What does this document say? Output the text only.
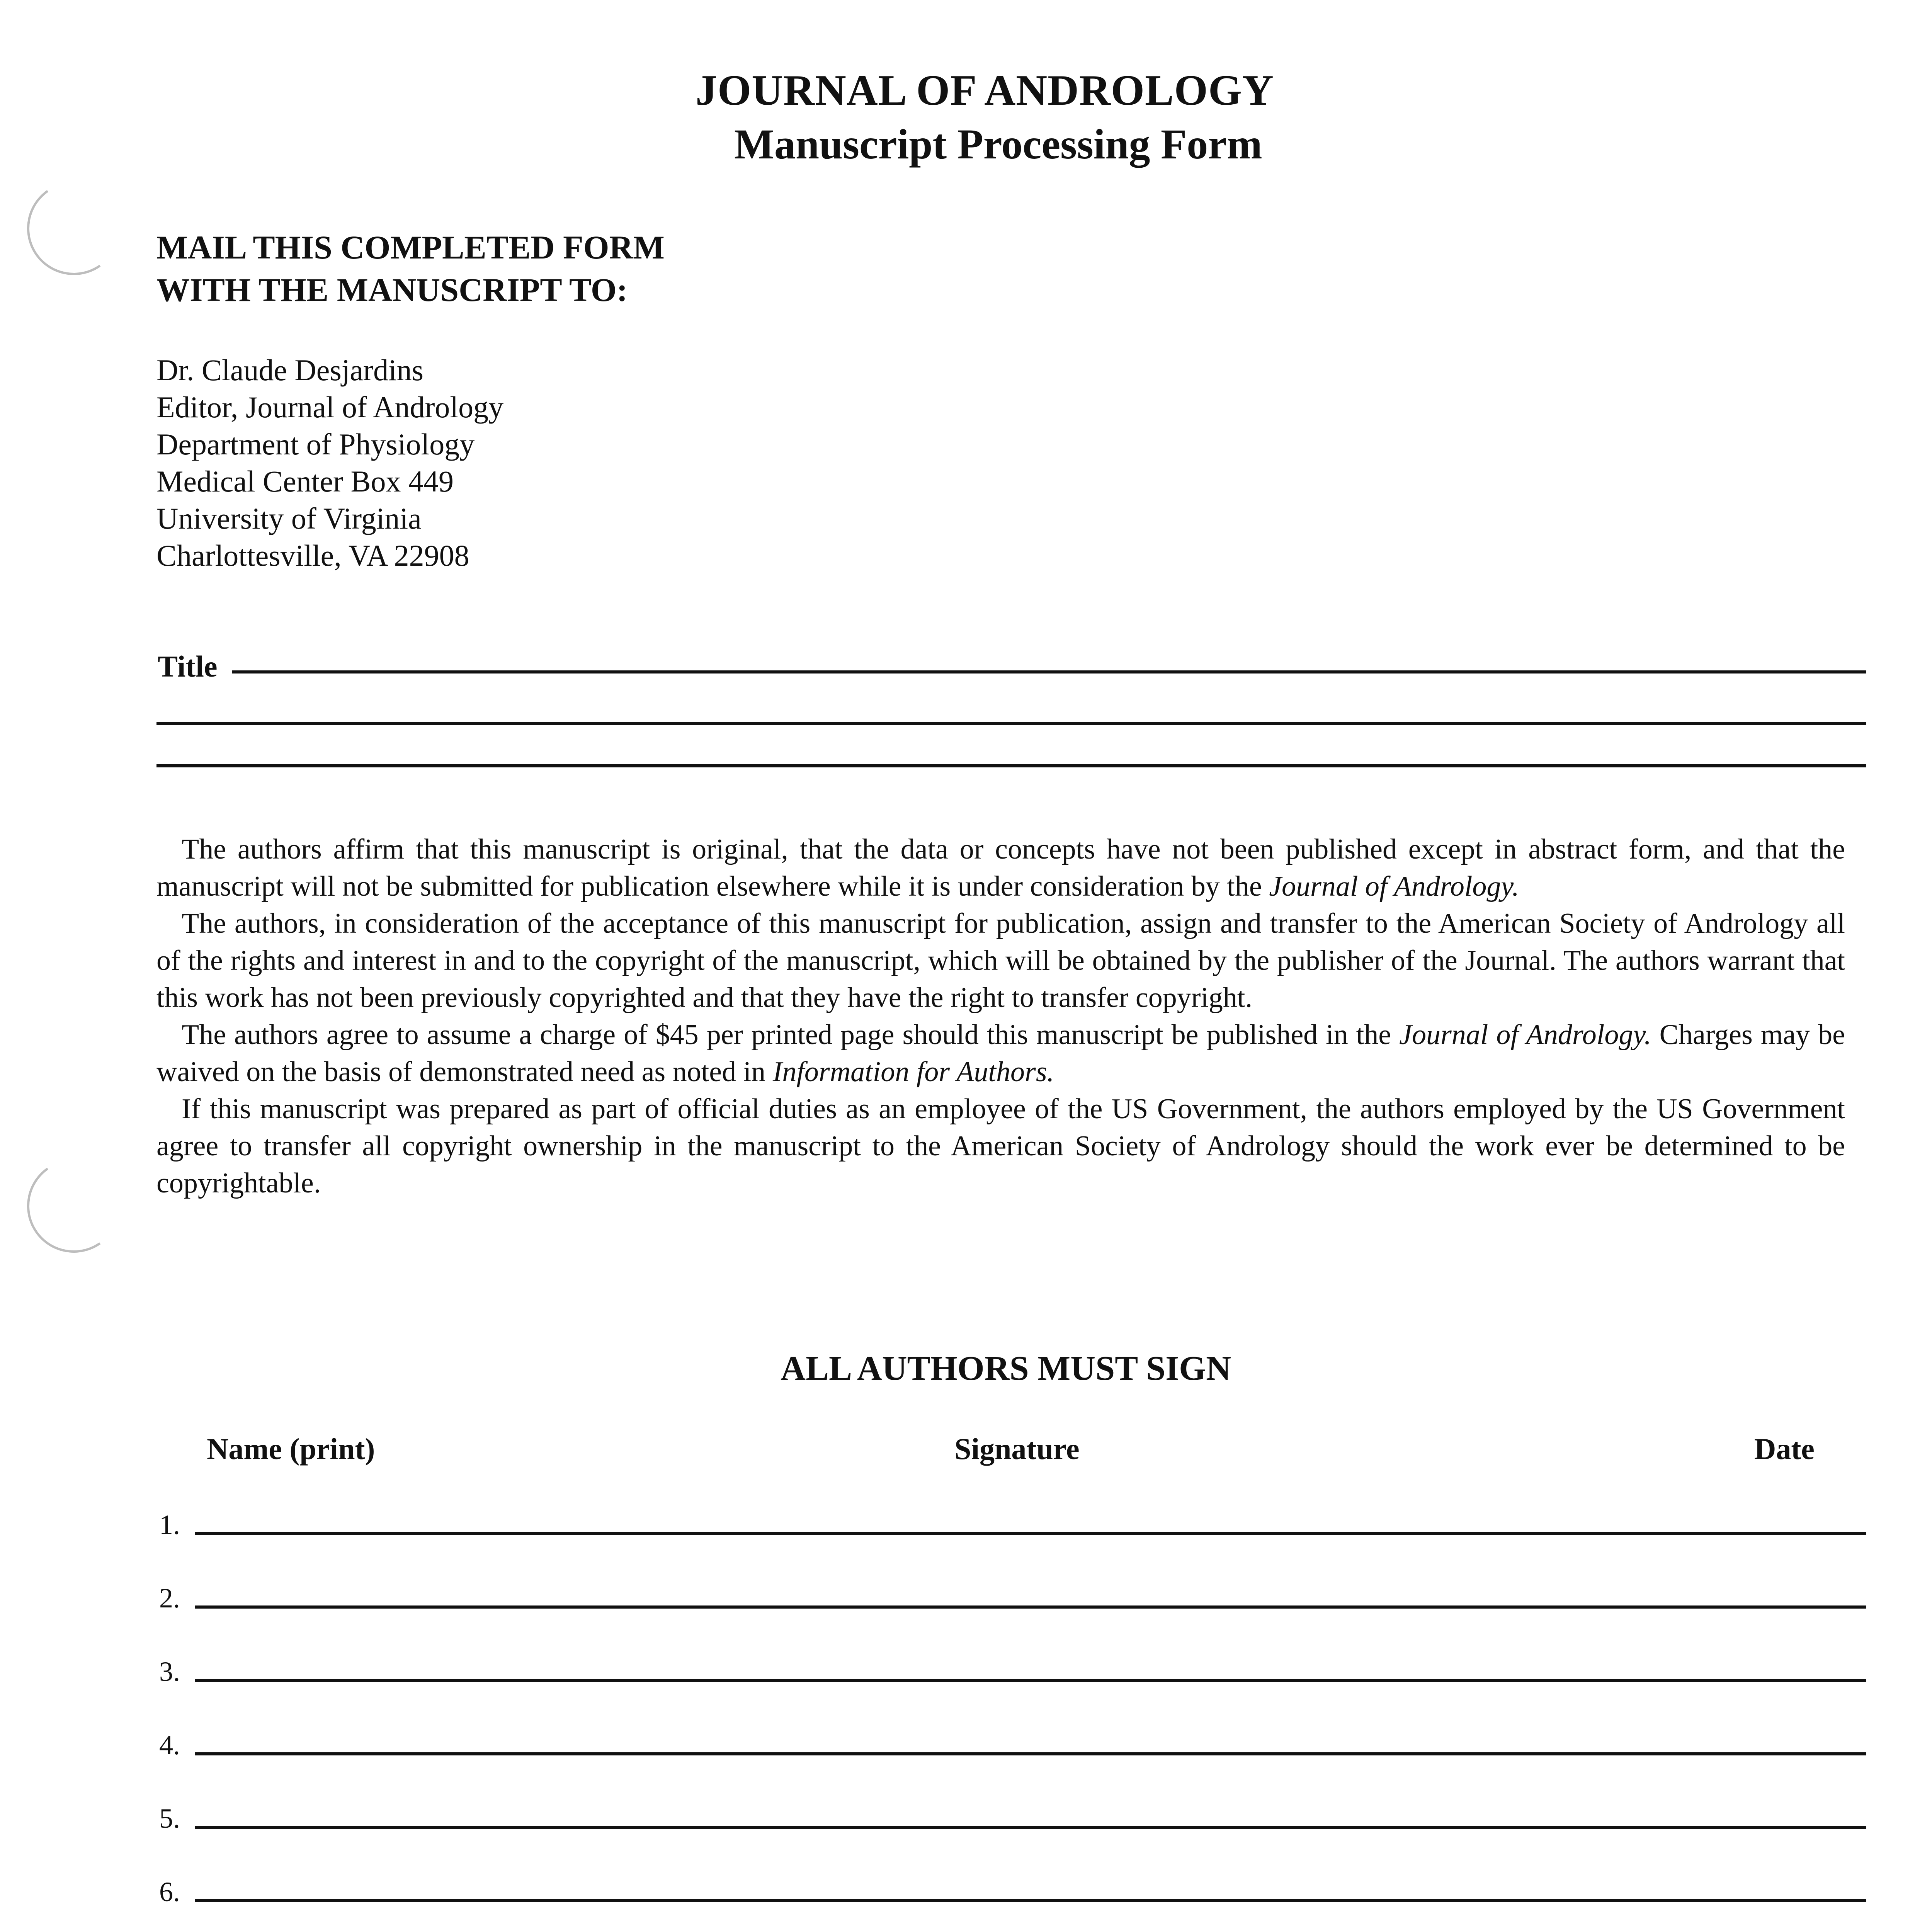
JOURNAL OF ANDROLOGY
Manuscript Processing Form
MAIL THIS COMPLETED FORM
WITH THE MANUSCRIPT TO:
Dr. Claude Desjardins
Editor, Journal of Andrology
Department of Physiology
Medical Center Box 449
University of Virginia
Charlottesville, VA 22908
Title

The authors affirm that this manuscript is original, that the data or concepts have not been published except in abstract form, and that the manuscript will not be submitted for publication elsewhere while it is under consideration by the Journal of Andrology.

The authors, in consideration of the acceptance of this manuscript for publication, assign and transfer to the American Society of Andrology all of the rights and interest in and to the copyright of the manuscript, which will be obtained by the publisher of the Journal. The authors warrant that this work has not been previously copyrighted and that they have the right to transfer copyright.

The authors agree to assume a charge of $45 per printed page should this manuscript be published in the Journal of Andrology. Charges may be waived on the basis of demonstrated need as noted in Information for Authors.

If this manuscript was prepared as part of official duties as an employee of the US Government, the authors employed by the US Government agree to transfer all copyright ownership in the manuscript to the American Society of Andrology should the work ever be determined to be copyrightable.

ALL AUTHORS MUST SIGN
Name (print)	Signature	Date
1.
2.
3.
4.
5.
6.
